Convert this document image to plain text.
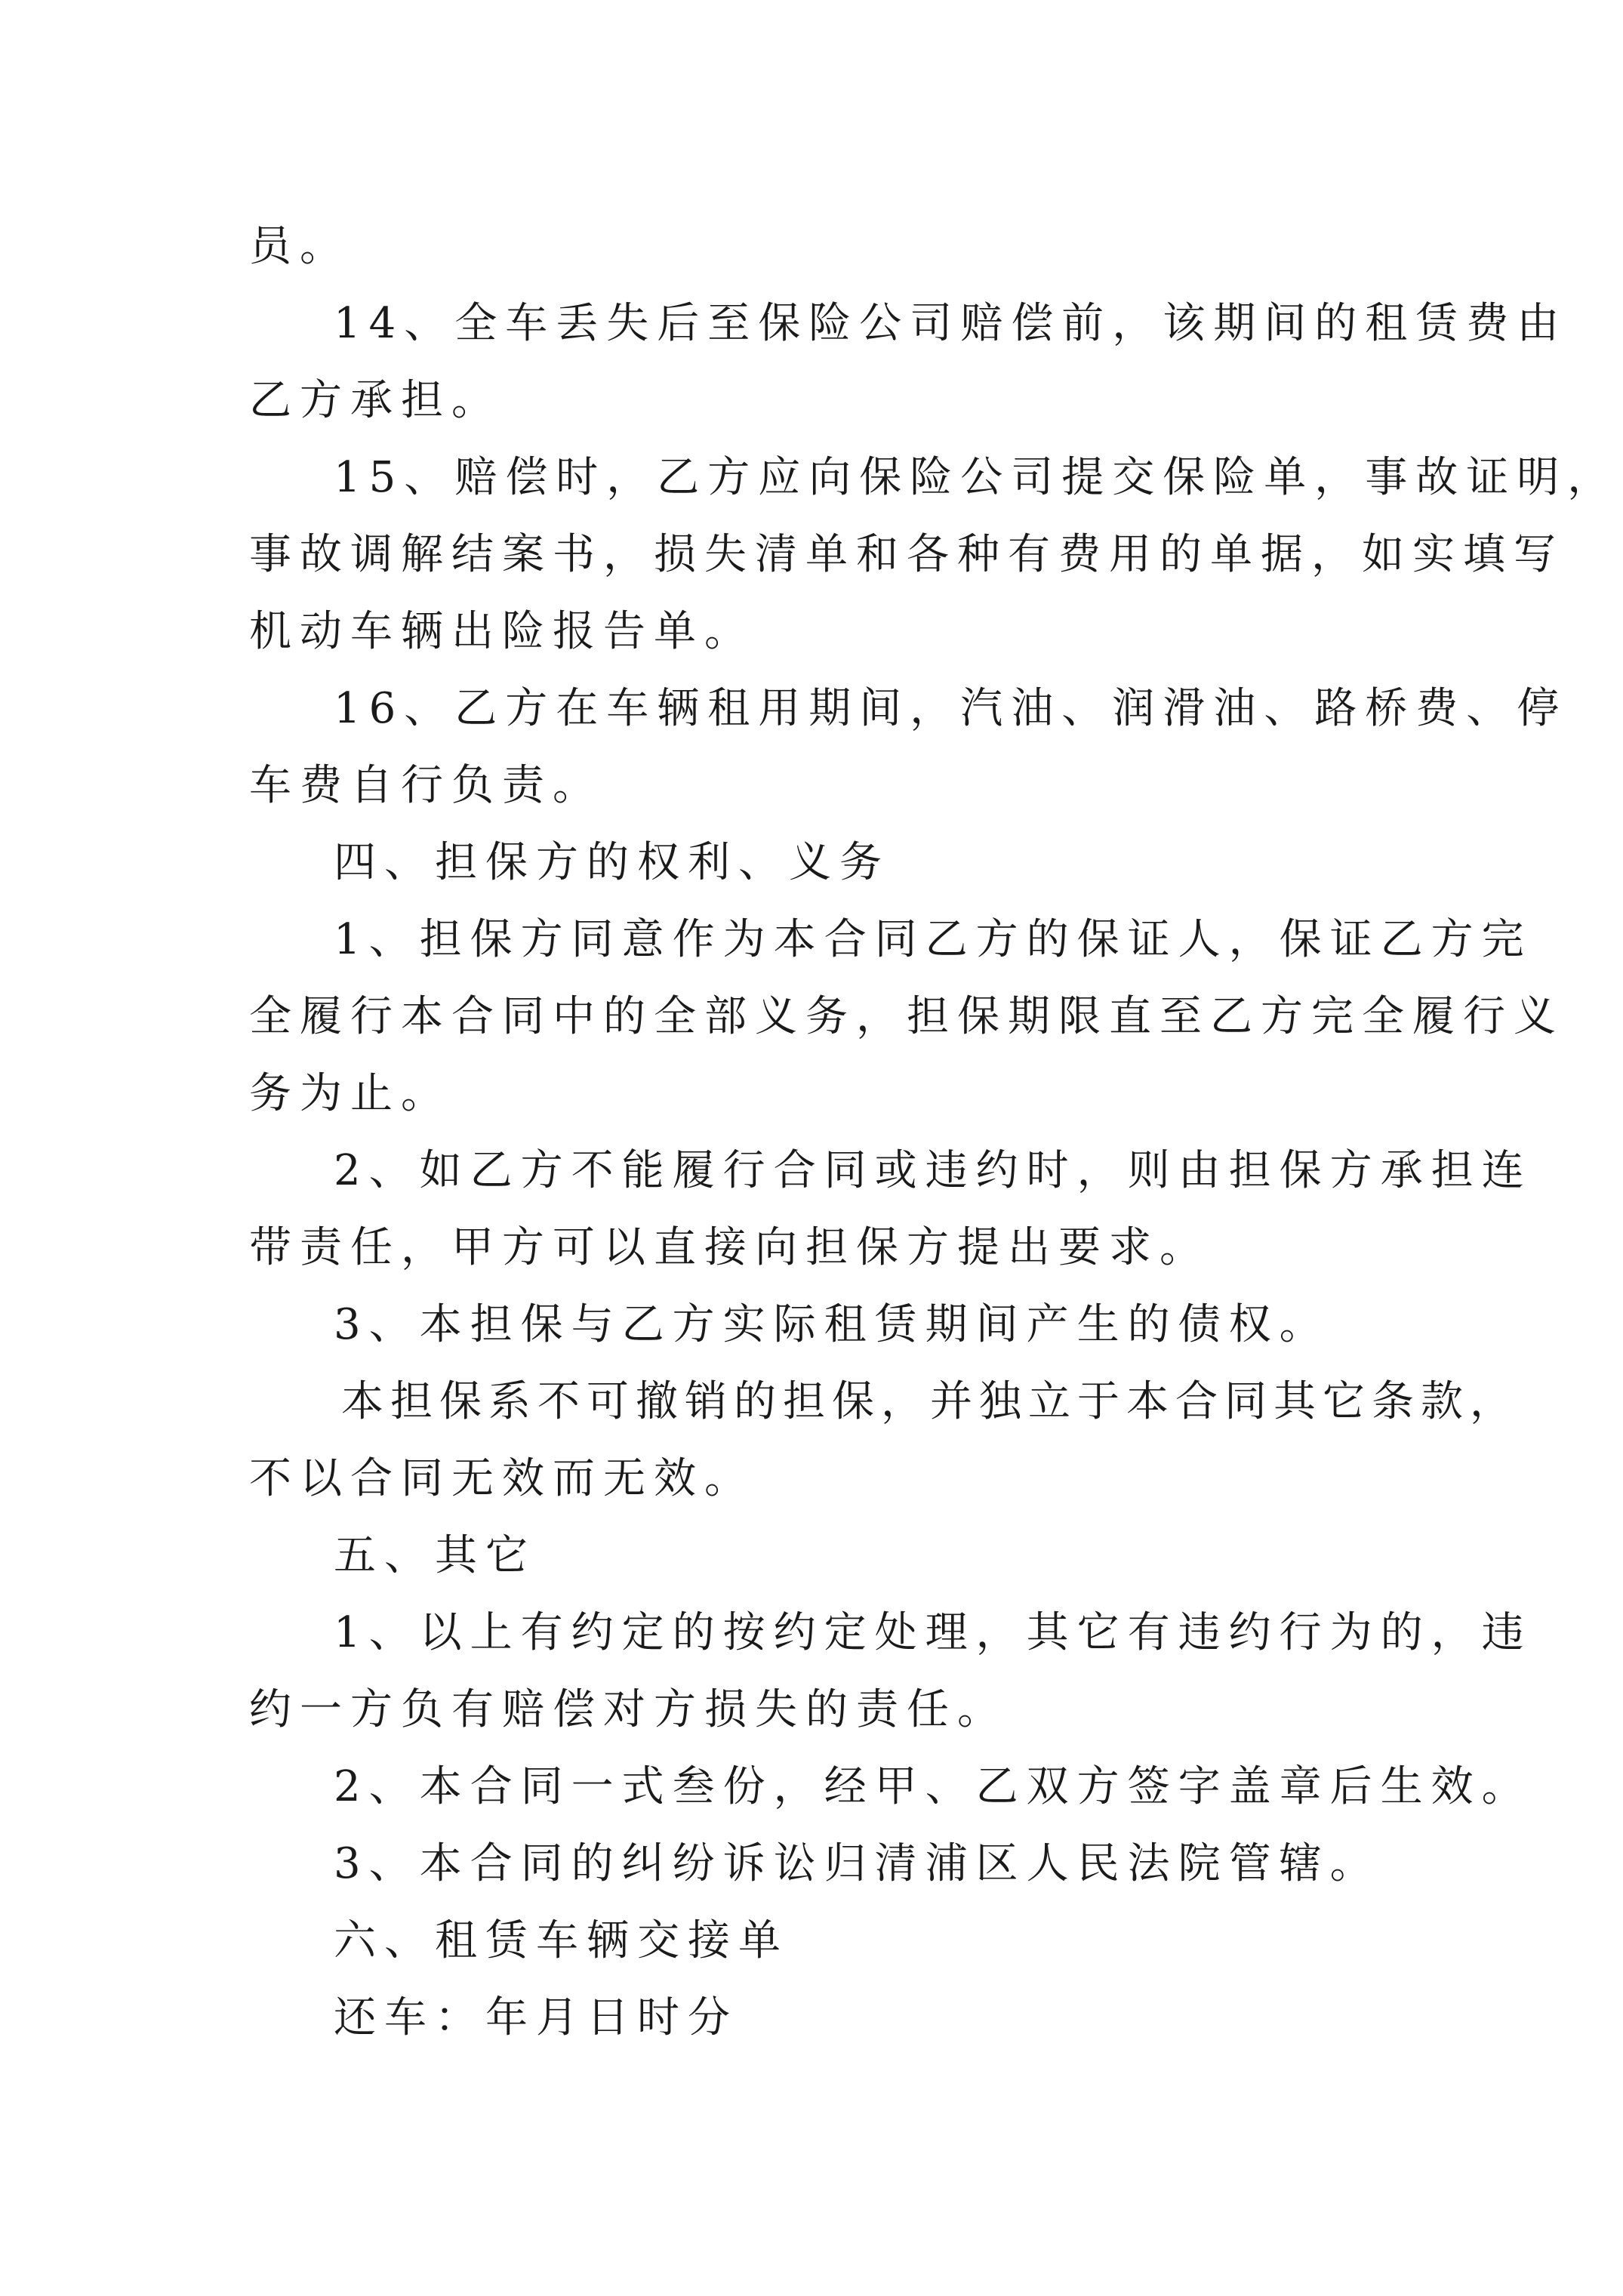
员。

14、全车丢失后至保险公司赔偿前，该期间的租赁费由
乙方承担。

15、赔偿时，乙方应向保险公司提交保险单，事故证明，
事故调解结案书，损失清单和各种有费用的单据，如实填写
机动车辆出险报告单。

16、乙方在车辆租用期间，汽油、润滑油、路桥费、停
车费自行负责。

四、担保方的权利、义务

1、担保方同意作为本合同乙方的保证人，保证乙方完
全履行本合同中的全部义务，担保期限直至乙方完全履行义
务为止。

2、如乙方不能履行合同或违约时，则由担保方承担连
带责任，甲方可以直接向担保方提出要求。

3、本担保与乙方实际租赁期间产生的债权。

本担保系不可撤销的担保，并独立于本合同其它条款，
不以合同无效而无效。

五、其它

1、以上有约定的按约定处理，其它有违约行为的，违
约一方负有赔偿对方损失的责任。

2、本合同一式叁份，经甲、乙双方签字盖章后生效。

3、本合同的纠纷诉讼归清浦区人民法院管辖。

六、租赁车辆交接单

还车：年月日时分
